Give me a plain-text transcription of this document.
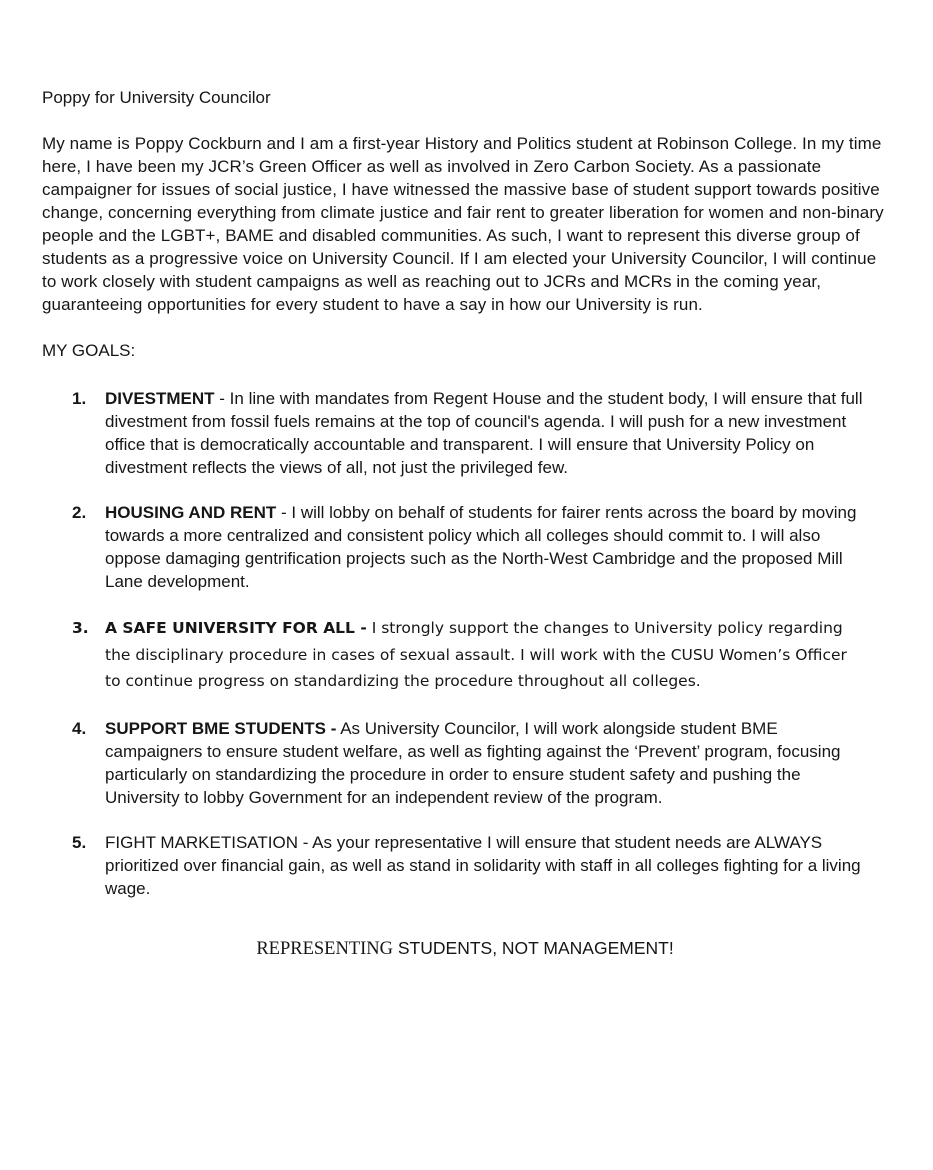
Poppy for University Councilor

My name is Poppy Cockburn and I am a first-year History and Politics student at Robinson College. In my time here, I have been my JCR’s Green Officer as well as involved in Zero Carbon Society. As a passionate campaigner for issues of social justice, I have witnessed the massive base of student support towards positive change, concerning everything from climate justice and fair rent to greater liberation for women and non-binary people and the LGBT+, BAME and disabled communities. As such, I want to represent this diverse group of students as a progressive voice on University Council. If I am elected your University Councilor, I will continue to work closely with student campaigns as well as reaching out to JCRs and MCRs in the coming year, guaranteeing opportunities for every student to have a say in how our University is run.

MY GOALS:

1.	DIVESTMENT - In line with mandates from Regent House and the student body, I will ensure that full divestment from fossil fuels remains at the top of council's agenda. I will push for a new investment office that is democratically accountable and transparent. I will ensure that University Policy on divestment reflects the views of all, not just the privileged few.
2.	HOUSING AND RENT - I will lobby on behalf of students for fairer rents across the board by moving towards a more centralized and consistent policy which all colleges should commit to. I will also oppose damaging gentrification projects such as the North-West Cambridge and the proposed Mill Lane development.
3.	A SAFE UNIVERSITY FOR ALL - I strongly support the changes to University policy regarding the disciplinary procedure in cases of sexual assault. I will work with the CUSU Women’s Officer to continue progress on standardizing the procedure throughout all colleges.
4.	SUPPORT BME STUDENTS - As University Councilor, I will work alongside student BME campaigners to ensure student welfare, as well as fighting against the ‘Prevent’ program, focusing particularly on standardizing the procedure in order to ensure student safety and pushing the University to lobby Government for an independent review of the program.
5.	FIGHT MARKETISATION - As your representative I will ensure that student needs are ALWAYS prioritized over financial gain, as well as stand in solidarity with staff in all colleges fighting for a living wage.

REPRESENTING STUDENTS, NOT MANAGEMENT!
